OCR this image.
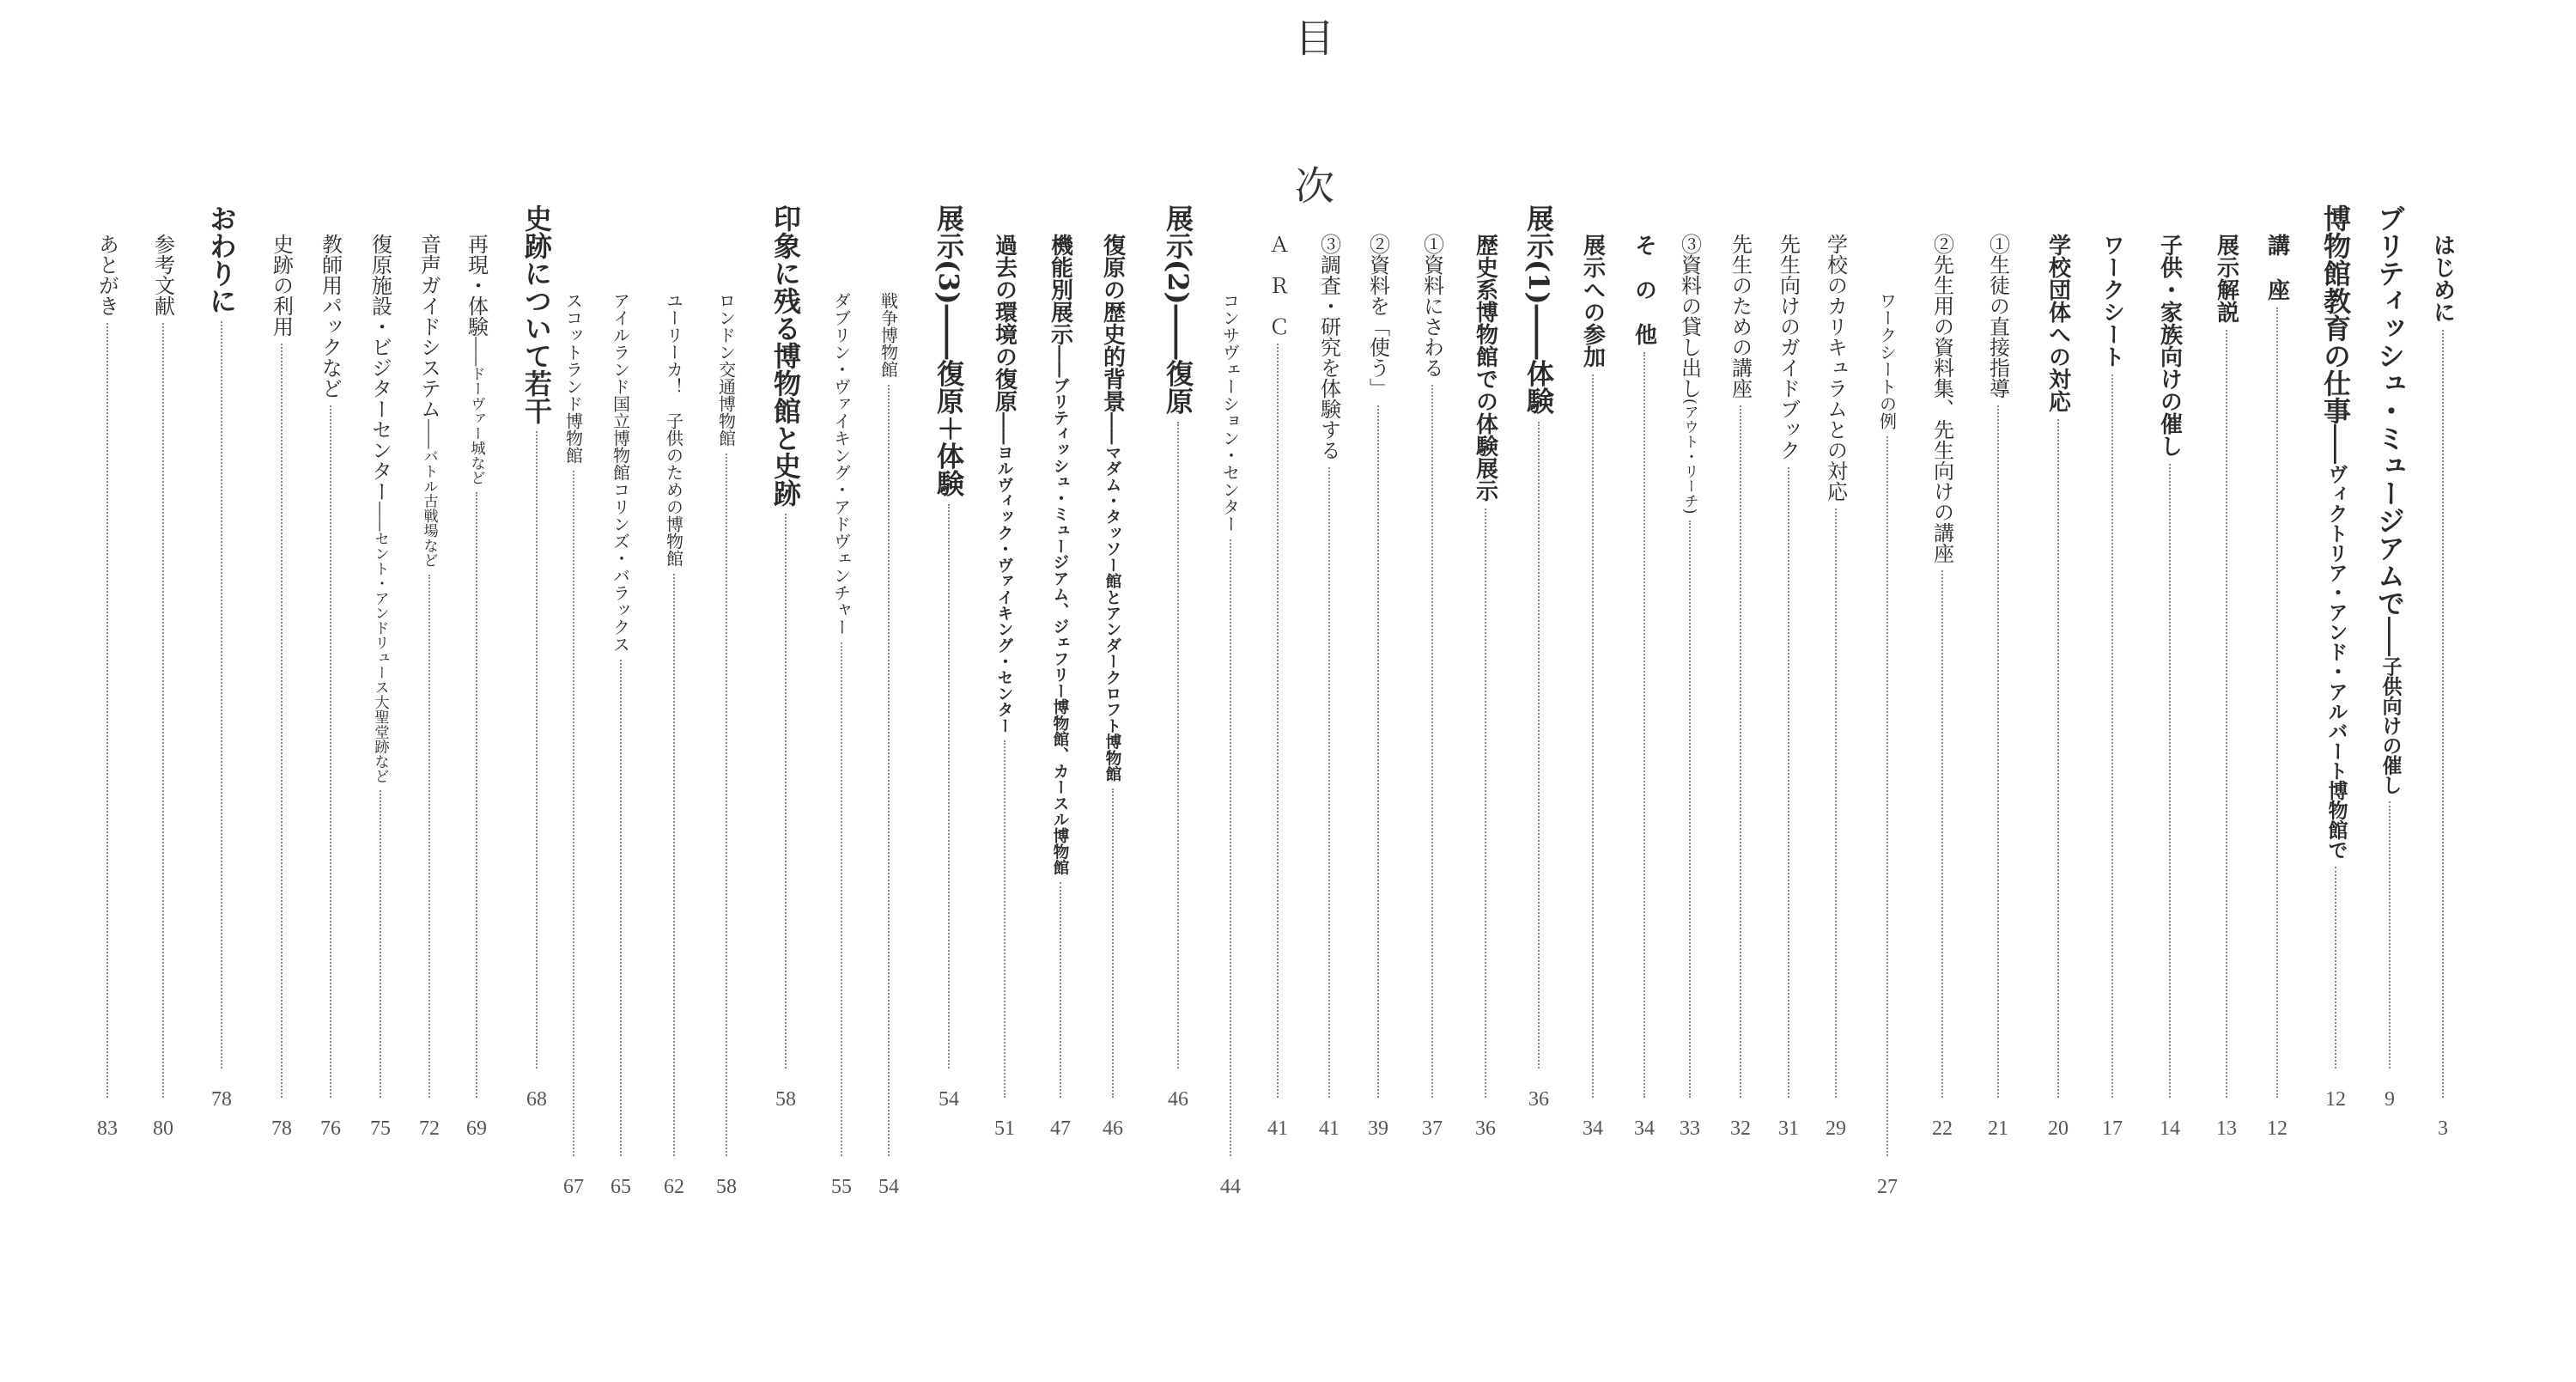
目　次
はじめに
3
ブリティッシュ・ミュージアムで
――子供向けの催し
9
博物館教育の仕事
――ヴィクトリア・アンド・アルバート博物館で
12
講　座
12
展示解説
13
子供・家族向けの催し
14
ワークシート
17
学校団体への対応
20
①生徒の直接指導
21
②先生用の資料集、先生向けの講座
22
ワークシートの例
27
学校のカリキュラムとの対応
29
先生向けのガイドブック
31
先生のための講座
32
③資料の貸し出し
(アウト・リーチ)
33
そ　の　他
34
展示への参加
34
展示(1)――体験
36
歴史系博物館での体験展示
36
①資料にさわる
37
②資料を「使う」
39
③調査・研究を体験する
41
Ａ　Ｒ　Ｃ
41
コンサヴェーション・センター
44
展示(2)――復原
46
復原の歴史的背景
――マダム・タッソー館とアンダークロフト博物館
46
機能別展示
――ブリティッシュ・ミュージアム、ジェフリー博物館、カースル博物館
47
過去の環境の復原
――ヨルヴィック・ヴァイキング・センター
51
展示(3)――復原＋体験
54
戦争博物館
54
ダブリン・ヴァイキング・アドヴェンチャー
55
印象に残る博物館と史跡
58
ロンドン交通博物館
58
ユーリーカ！　子供のための博物館
62
アイルランド国立博物館コリンズ・バラックス
65
スコットランド博物館
67
史跡について若干
68
再現・体験
――ドーヴァー城など
69
音声ガイドシステム
――バトル古戦場など
72
復原施設・ビジターセンター
――セント・アンドリュース大聖堂跡など
75
教師用パックなど
76
史跡の利用
78
おわりに
78
参考文献
80
あとがき
83
